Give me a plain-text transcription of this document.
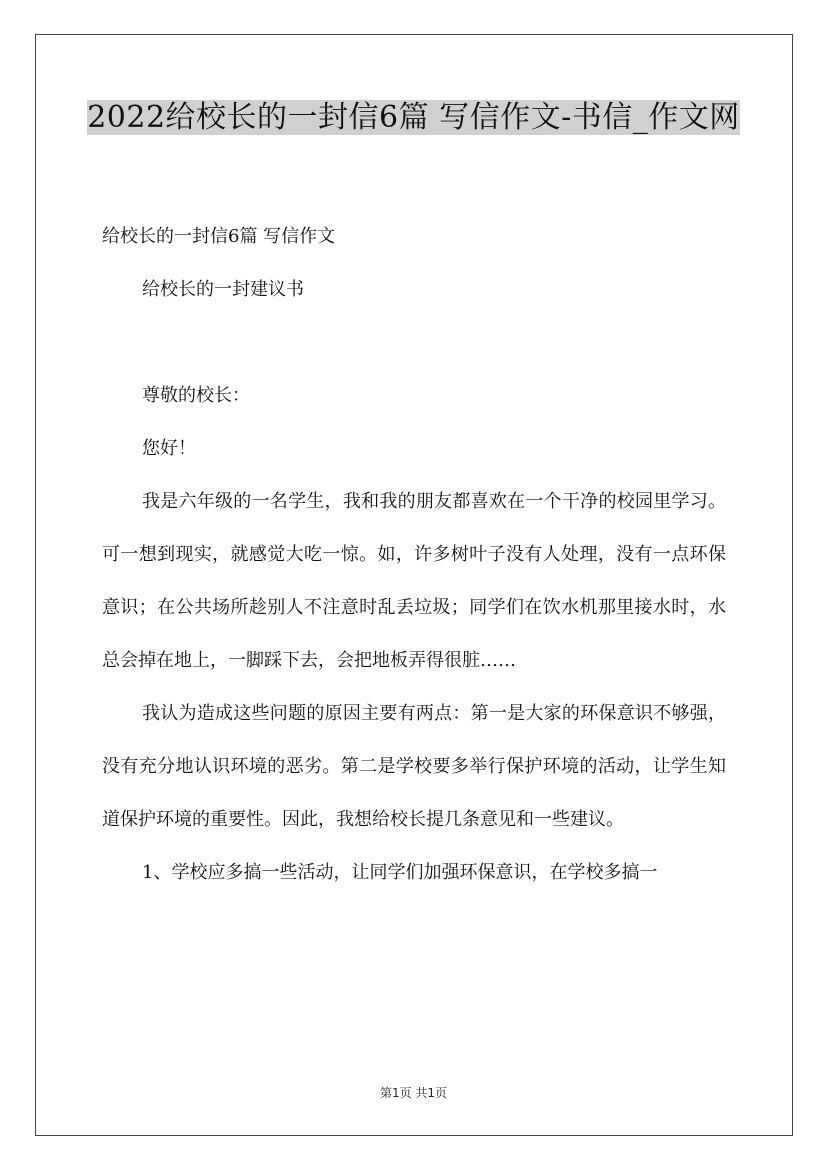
2022给校长的一封信6篇 写信作文-书信_作文网
给校长的一封信6篇 写信作文
给校长的一封建议书
尊敬的校长：
您好！
我是六年级的一名学生，我和我的朋友都喜欢在一个干净的校园里学习。可一想到现实，就感觉大吃一惊。如，许多树叶子没有人处理，没有一点环保意识；在公共场所趁别人不注意时乱丢垃圾；同学们在饮水机那里接水时，水总会掉在地上，一脚踩下去，会把地板弄得很脏……
我认为造成这些问题的原因主要有两点：第一是大家的环保意识不够强，没有充分地认识环境的恶劣。第二是学校要多举行保护环境的活动，让学生知道保护环境的重要性。因此，我想给校长提几条意见和一些建议。
1、学校应多搞一些活动，让同学们加强环保意识，在学校多搞一
第1页 共1页
